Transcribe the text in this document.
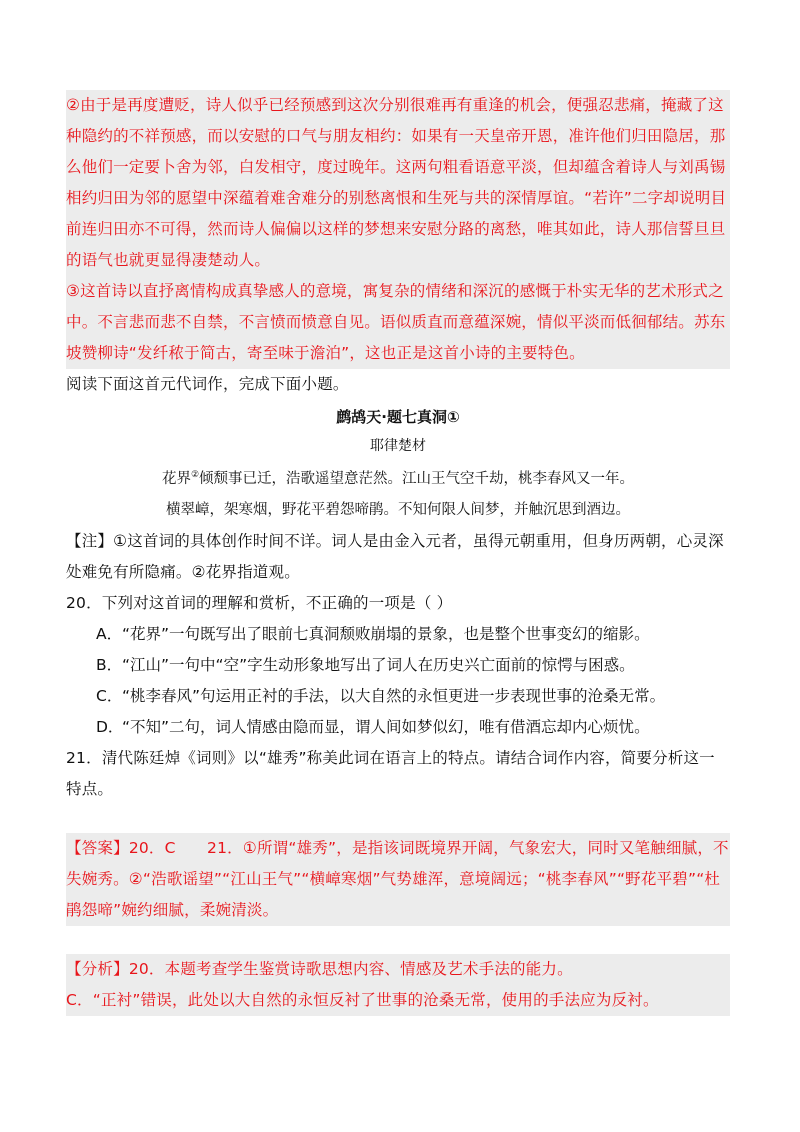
②由于是再度遭贬，诗人似乎已经预感到这次分别很难再有重逢的机会，便强忍悲痛，掩藏了这种隐约的不祥预感，而以安慰的口气与朋友相约：如果有一天皇帝开恩，准许他们归田隐居，那么他们一定要卜舍为邻，白发相守，度过晚年。这两句粗看语意平淡，但却蕴含着诗人与刘禹锡相约归田为邻的愿望中深蕴着难舍难分的别愁离恨和生死与共的深情厚谊。“若许”二字却说明目前连归田亦不可得，然而诗人偏偏以这样的梦想来安慰分路的离愁，唯其如此，诗人那信誓旦旦的语气也就更显得凄楚动人。

③这首诗以直抒离情构成真挚感人的意境，寓复杂的情绪和深沉的感慨于朴实无华的艺术形式之中。不言悲而悲不自禁，不言愤而愤意自见。语似质直而意蕴深婉，情似平淡而低徊郁结。苏东坡赞柳诗“发纤秾于简古，寄至味于澹泊”，这也正是这首小诗的主要特色。

阅读下面这首元代词作，完成下面小题。

鹧鸪天·题七真洞①
耶律楚材
花界②倾颓事已迁，浩歌遥望意茫然。江山王气空千劫，桃李春风又一年。
横翠嶂，架寒烟，野花平碧怨啼鹃。不知何限人间梦，并触沉思到酒边。

【注】①这首词的具体创作时间不详。词人是由金入元者，虽得元朝重用，但身历两朝，心灵深处难免有所隐痛。②花界指道观。

20．下列对这首词的理解和赏析，不正确的一项是（ ）

A．“花界”一句既写出了眼前七真洞颓败崩塌的景象，也是整个世事变幻的缩影。
B．“江山”一句中“空”字生动形象地写出了词人在历史兴亡面前的惊愕与困惑。
C．“桃李春风”句运用正衬的手法，以大自然的永恒更进一步表现世事的沧桑无常。
D．“不知”二句，词人情感由隐而显，谓人间如梦似幻，唯有借酒忘却内心烦忧。

21．清代陈廷焯《词则》以“雄秀”称美此词在语言上的特点。请结合词作内容，简要分析这一特点。

【答案】20．C　　21．①所谓“雄秀”，是指该词既境界开阔，气象宏大，同时又笔触细腻，不失婉秀。②“浩歌谣望”“江山王气”“横嶂寒烟”气势雄浑，意境阔远；“桃李春风”“野花平碧”“杜鹃怨啼”婉约细腻，柔婉清淡。

【分析】20．本题考查学生鉴赏诗歌思想内容、情感及艺术手法的能力。

C．“正衬”错误，此处以大自然的永恒反衬了世事的沧桑无常，使用的手法应为反衬。
